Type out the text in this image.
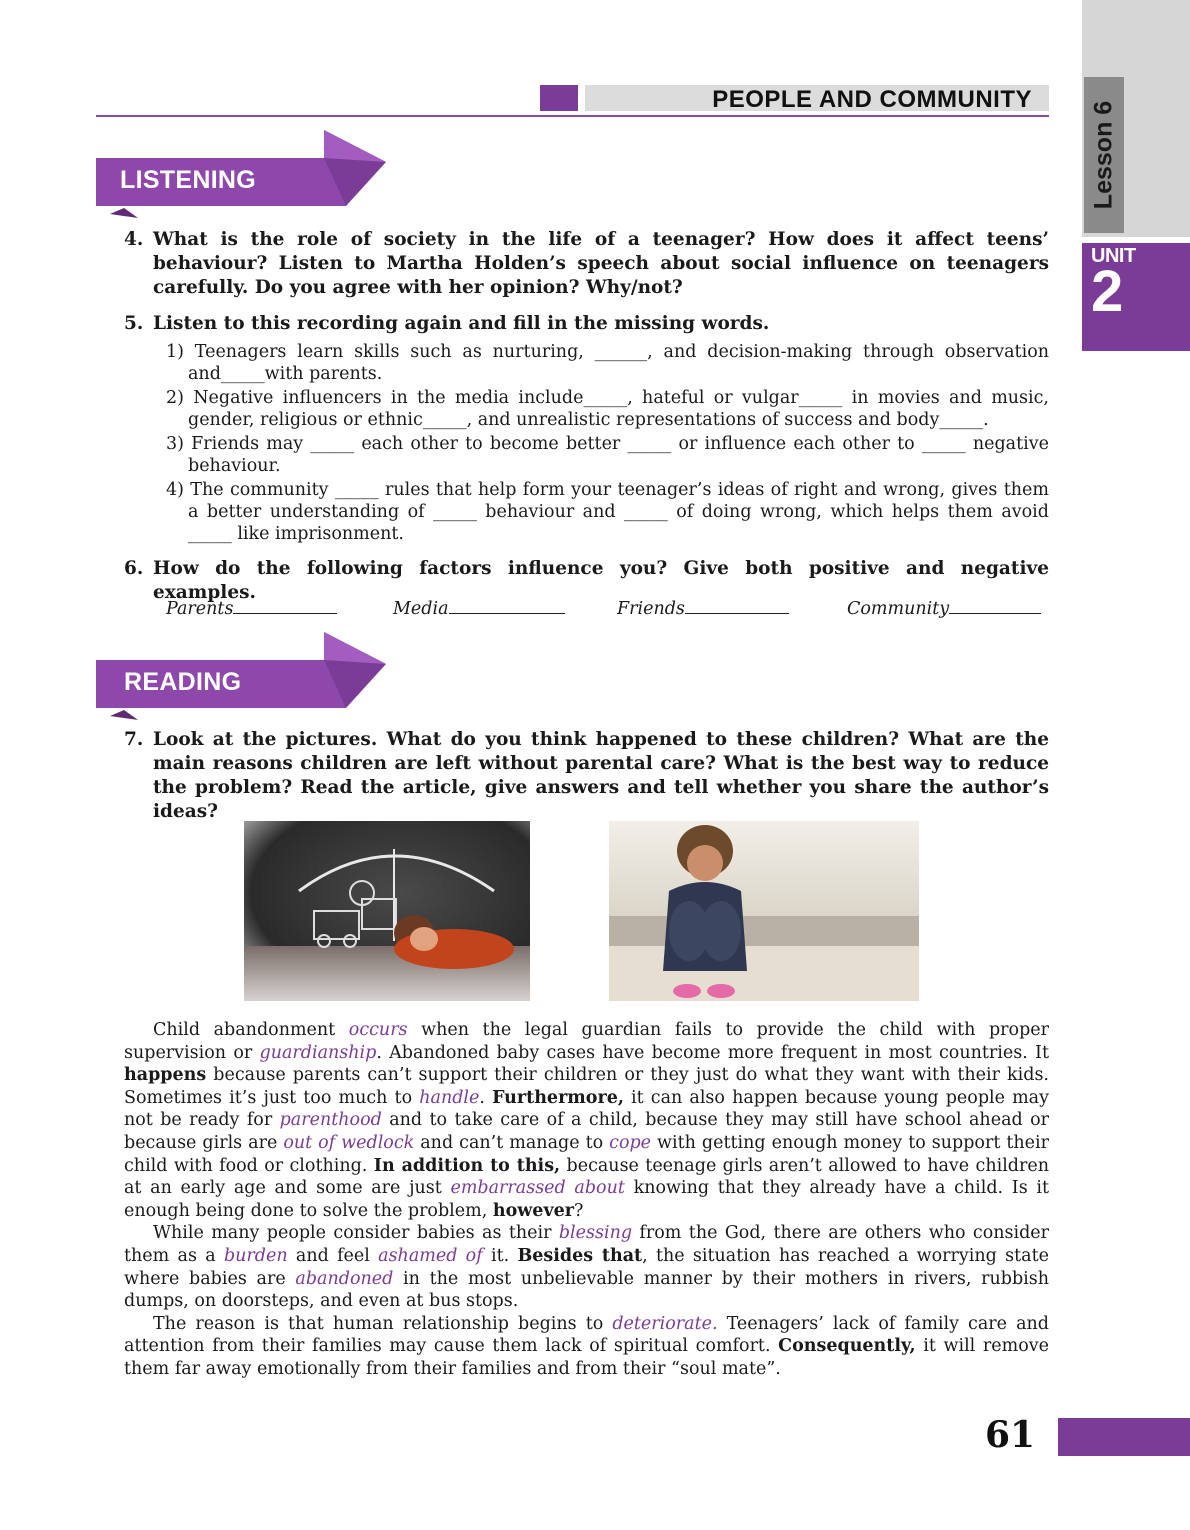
PEOPLE AND COMMUNITY
Lesson 6
UNIT
2
LISTENING
4. What is the role of society in the life of a teenager? How does it affect teens’ behaviour? Listen to Martha Holden’s speech about social influence on teenagers carefully. Do you agree with her opinion? Why/not?
5. Listen to this recording again and fill in the missing words.
1) Teenagers learn skills such as nurturing, ______, and decision-making through observation and_____with parents.
2) Negative influencers in the media include_____, hateful or vulgar_____ in movies and music, gender, religious or ethnic_____, and unrealistic representations of success and body_____.
3) Friends may _____ each other to become better _____ or influence each other to _____ negative behaviour.
4) The community _____ rules that help form your teenager’s ideas of right and wrong, gives them a better understanding of _____ behaviour and _____ of doing wrong, which helps them avoid _____ like imprisonment.
6. How do the following factors influence you? Give both positive and negative examples.
Parents	Media	Friends	Community
READING
7. Look at the pictures. What do you think happened to these children? What are the main reasons children are left without parental care? What is the best way to reduce the problem? Read the article, give answers and tell whether you share the author’s ideas?

Child abandonment occurs when the legal guardian fails to provide the child with proper supervision or guardianship. Abandoned baby cases have become more frequent in most countries. It happens because parents can’t support their children or they just do what they want with their kids. Sometimes it’s just too much to handle. Furthermore, it can also happen because young people may not be ready for parenthood and to take care of a child, because they may still have school ahead or because girls are out of wedlock and can’t manage to cope with getting enough money to support their child with food or clothing. In addition to this, because teenage girls aren’t allowed to have children at an early age and some are just embarrassed about knowing that they already have a child. Is it enough being done to solve the problem, however?

While many people consider babies as their blessing from the God, there are others who consider them as a burden and feel ashamed of it. Besides that, the situation has reached a worrying state where babies are abandoned in the most unbelievable manner by their mothers in rivers, rubbish dumps, on doorsteps, and even at bus stops.

The reason is that human relationship begins to deteriorate. Teenagers’ lack of family care and attention from their families may cause them lack of spiritual comfort. Consequently, it will remove them far away emotionally from their families and from their “soul mate”.

61
